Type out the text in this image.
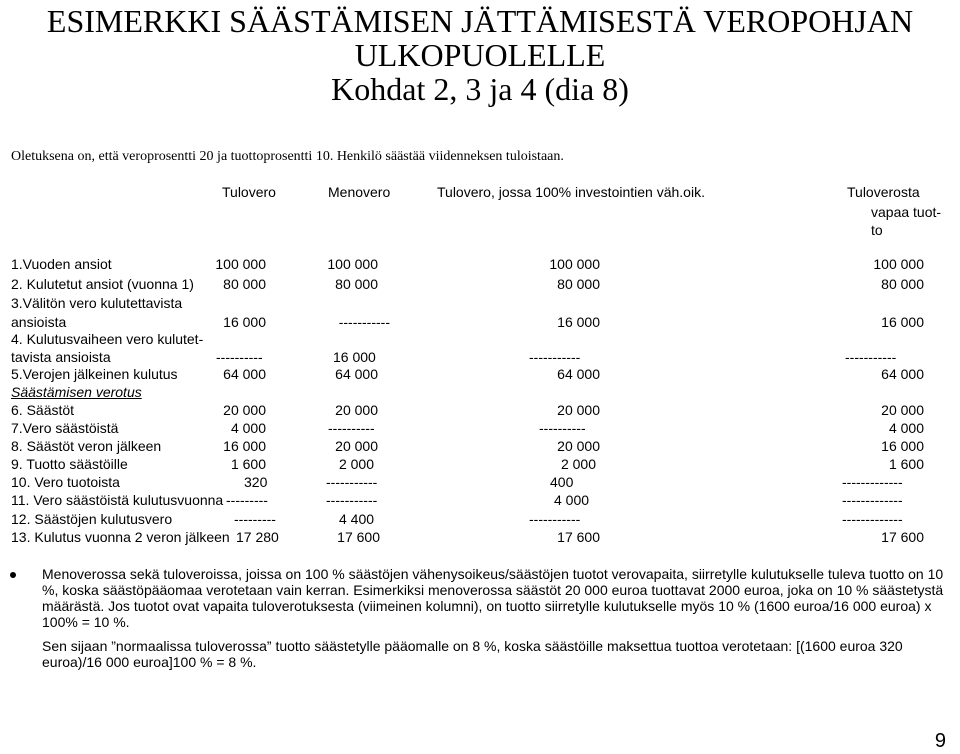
ESIMERKKI SÄÄSTÄMISEN JÄTTÄMISESTÄ VEROPOHJAN
ULKOPUOLELLE
Kohdat 2, 3 ja 4 (dia 8)
Oletuksena on, että veroprosentti 20 ja tuottoprosentti 10. Henkilö säästää viidenneksen tuloistaan.
Tulovero	Menovero	Tulovero, jossa 100% investointien väh.oik.	Tuloverosta
vapaa tuot-
to
1.Vuoden ansiot	100 000	100 000	100 000	100 000
2. Kulutetut ansiot (vuonna 1)	80 000	80 000	80 000	80 000
3.Välitön vero kulutettavista
ansioista	16 000	-----------	16 000	16 000
4. Kulutusvaiheen vero kulutet-
tavista ansioista	----------	16 000	-----------	-----------
5.Verojen jälkeinen kulutus	64 000	64 000	64 000	64 000
Säästämisen verotus
6. Säästöt	20 000	20 000	20 000	20 000
7.Vero säästöistä	4 000	----------	----------	4 000
8. Säästöt veron jälkeen	16 000	20 000	20 000	16 000
9. Tuotto säästöille	1 600	2 000	2 000	1 600
10. Vero tuotoista	320	-----------	400	-------------
11. Vero säästöistä kulutusvuonna ---------	-----------	4 000	-------------
12. Säästöjen kulutusvero	---------	4 400	-----------	-------------
13. Kulutus vuonna 2 veron jälkeen 17 280	17 600	17 600	17 600
Menoverossa sekä tuloveroissa, joissa on 100 % säästöjen vähenysoikeus/säästöjen tuotot verovapaita, siirretylle kulutukselle tuleva tuotto on 10 %, koska säästöpääomaa verotetaan vain kerran. Esimerkiksi menoverossa säästöt 20 000 euroa tuottavat 2000 euroa, joka on 10 % säästetystä määrästä. Jos tuotot ovat vapaita tuloverotuksesta (viimeinen kolumni), on tuotto siirretylle kulutukselle myös 10 % (1600 euroa/16 000 euroa) x 100% = 10 %.
Sen sijaan ”normaalissa tuloverossa” tuotto säästetylle pääomalle on 8 %, koska säästöille maksettua tuottoa verotetaan: [(1600 euroa 320 euroa)/16 000 euroa]100 % = 8 %.
9
